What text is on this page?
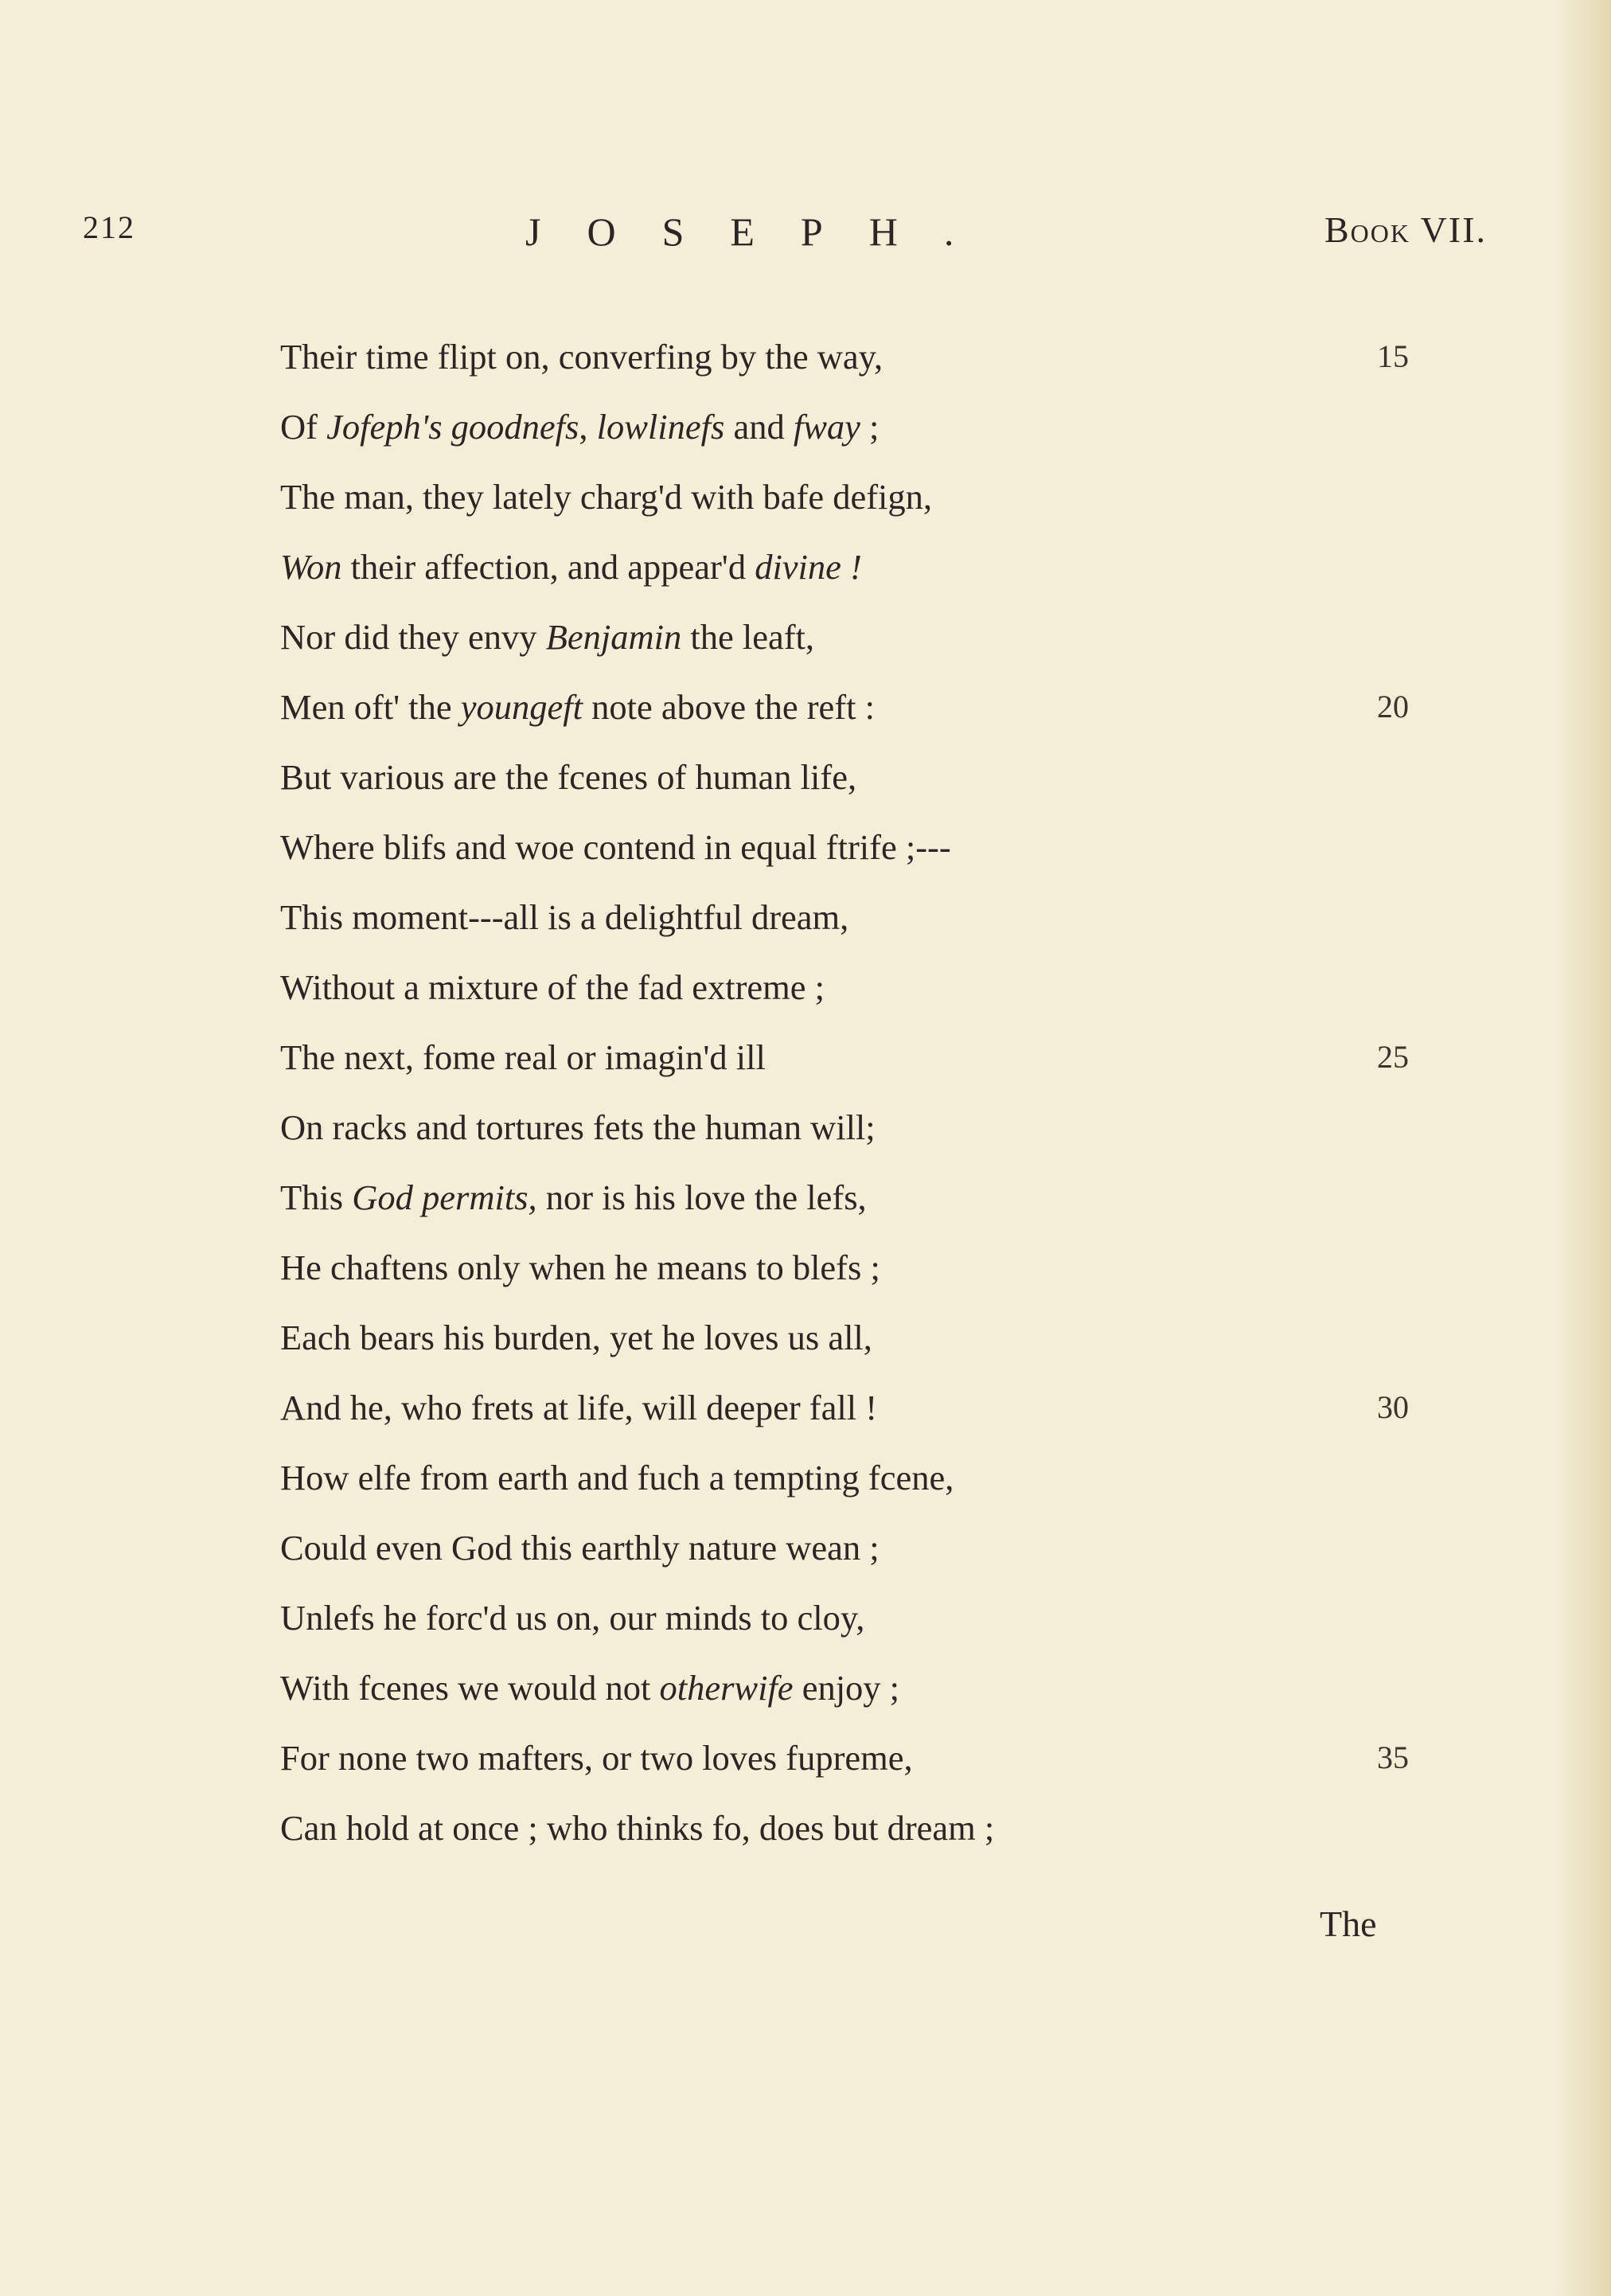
212	JOSEPH.	Book VII.
Their time flipt on, converfing by the way,	15
Of Jofeph's goodnefs, lowlinefs and fway ;
The man, they lately charg'd with bafe defign,
Won their affection, and appear'd divine !
Nor did they envy Benjamin the leaft,
Men oft' the youngeft note above the reft :	20
But various are the fcenes of human life,
Where blifs and woe contend in equal ftrife ;---
This moment---all is a delightful dream,
Without a mixture of the fad extreme ;
The next, fome real or imagin'd ill	25
On racks and tortures fets the human will;
This God permits, nor is his love the lefs,
He chaftens only when he means to blefs ;
Each bears his burden, yet he loves us all,
And he, who frets at life, will deeper fall !	30
How elfe from earth and fuch a tempting fcene,
Could even God this earthly nature wean ;
Unlefs he forc'd us on, our minds to cloy,
With fcenes we would not otherwife enjoy ;
For none two mafters, or two loves fupreme,	35
Can hold at once ; who thinks fo, does but dream ;
The
